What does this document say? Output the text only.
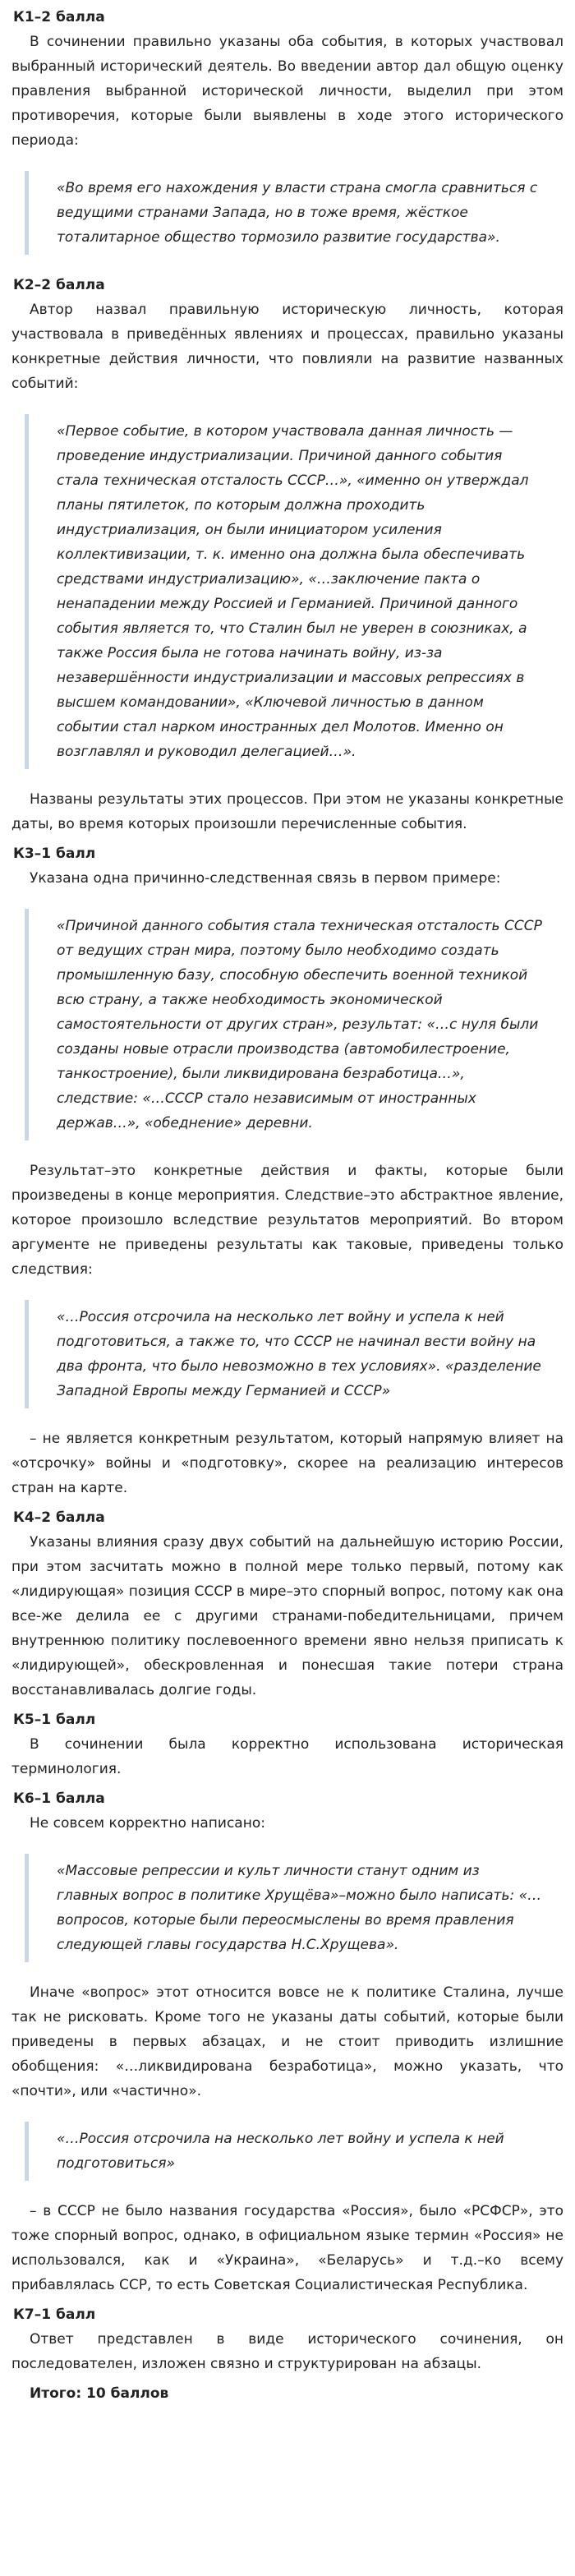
К1–2 балла

В сочинении правильно указаны оба события, в которых участвовал выбранный исторический деятель. Во введении автор дал общую оценку правления выбранной исторической личности, выделил при этом противоречия, которые были выявлены в ходе этого исторического периода:

«Во время его нахождения у власти страна смогла сравниться с ведущими странами Запада, но в тоже время, жёсткое тоталитарное общество тормозило развитие государства».
К2–2 балла

Автор назвал правильную историческую личность, которая участвовала в приведённых явлениях и процессах, правильно указаны конкретные действия личности, что повлияли на развитие названных событий:

«Первое событие, в котором участвовала данная личность — проведение индустриализации. Причиной данного события стала техническая отсталость СССР…», «именно он утверждал планы пятилеток, по которым должна проходить индустриализация, он были инициатором усиления коллективизации, т. к. именно она должна была обеспечивать средствами индустриализацию», «…заключение пакта о ненападении между Россией и Германией. Причиной данного события является то, что Сталин был не уверен в союзниках, а также Россия была не готова начинать войну, из-за незавершённости индустриализации и массовых репрессиях в высшем командовании», «Ключевой личностью в данном событии стал нарком иностранных дел Молотов. Именно он возглавлял и руководил делегацией…».

Названы результаты этих процессов. При этом не указаны конкретные даты, во время которых произошли перечисленные события.

К3–1 балл

Указана одна причинно-следственная связь в первом примере:

«Причиной данного события стала техническая отсталость СССР от ведущих стран мира, поэтому было необходимо создать промышленную базу, способную обеспечить военной техникой всю страну, а также необходимость экономической самостоятельности от других стран», результат: «…с нуля были созданы новые отрасли производства (автомобилестроение, танкостроение), были ликвидирована безработица…», следствие: «…СССР стало независимым от иностранных держав…», «обеднение» деревни.

Результат–это конкретные действия и факты, которые были произведены в конце мероприятия. Следствие–это абстрактное явление, которое произошло вследствие результатов мероприятий. Во втором аргументе не приведены результаты как таковые, приведены только следствия:

«…Россия отсрочила на несколько лет войну и успела к ней подготовиться, а также то, что СССР не начинал вести войну на два фронта, что было невозможно в тех условиях». «разделение Западной Европы между Германией и СССР»

– не является конкретным результатом, который напрямую влияет на «отсрочку» войны и «подготовку», скорее на реализацию интересов стран на карте.

К4–2 балла

Указаны влияния сразу двух событий на дальнейшую историю России, при этом засчитать можно в полной мере только первый, потому как «лидирующая» позиция СССР в мире–это спорный вопрос, потому как она все-же делила ее с другими странами-победительницами, причем внутреннюю политику послевоенного времени явно нельзя приписать к «лидирующей», обескровленная и понесшая такие потери страна восстанавливалась долгие годы.

К5–1 балл

В сочинении была корректно использована историческая терминология.

К6–1 балла

Не совсем корректно написано:

«Массовые репрессии и культ личности станут одним из главных вопрос в политике Хрущёва»–можно было написать: «…вопросов, которые были переосмыслены во время правления следующей главы государства Н.С.Хрущева».

Иначе «вопрос» этот относится вовсе не к политике Сталина, лучше так не рисковать. Кроме того не указаны даты событий, которые были приведены в первых абзацах, и не стоит приводить излишние обобщения: «…ликвидирована безработица», можно указать, что «почти», или «частично».

«…Россия отсрочила на несколько лет войну и успела к ней подготовиться»

– в СССР не было названия государства «Россия», было «РСФСР», это тоже спорный вопрос, однако, в официальном языке термин «Россия» не использовался, как и «Украина», «Беларусь» и т.д.–ко всему прибавлялась ССР, то есть Советская Социалистическая Республика.

К7–1 балл

Ответ представлен в виде исторического сочинения, он последователен, изложен связно и структурирован на абзацы.

Итого: 10 баллов
